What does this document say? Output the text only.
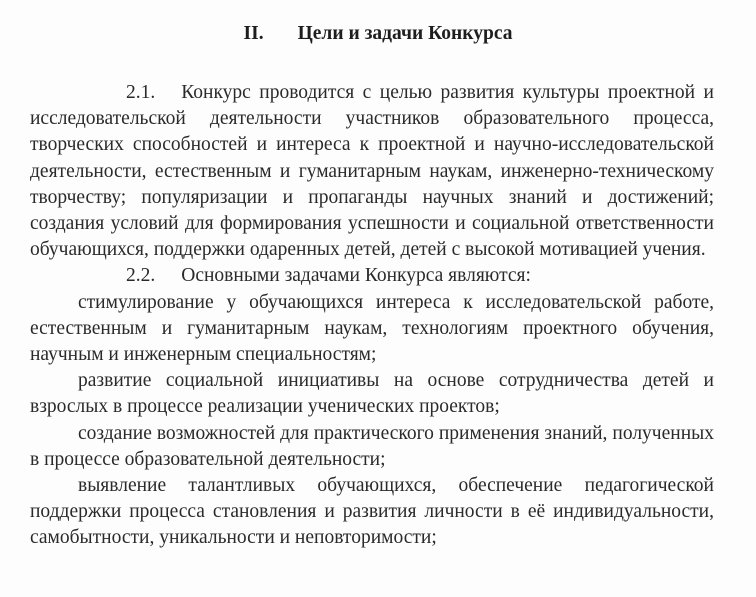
II. Цели и задачи Конкурса

2.1. Конкурс проводится с целью развития культуры проектной и исследовательской деятельности участников образовательного процесса, творческих способностей и интереса к проектной и научно-исследовательской деятельности, естественным и гуманитарным наукам, инженерно-техническому творчеству; популяризации и пропаганды научных знаний и достижений; создания условий для формирования успешности и социальной ответственности обучающихся, поддержки одаренных детей, детей с высокой мотивацией учения.

2.2. Основными задачами Конкурса являются:

стимулирование у обучающихся интереса к исследовательской работе, естественным и гуманитарным наукам, технологиям проектного обучения, научным и инженерным специальностям;

развитие социальной инициативы на основе сотрудничества детей и взрослых в процессе реализации ученических проектов;

создание возможностей для практического применения знаний, полученных в процессе образовательной деятельности;

выявление талантливых обучающихся, обеспечение педагогической поддержки процесса становления и развития личности в её индивидуальности, самобытности, уникальности и неповторимости;
